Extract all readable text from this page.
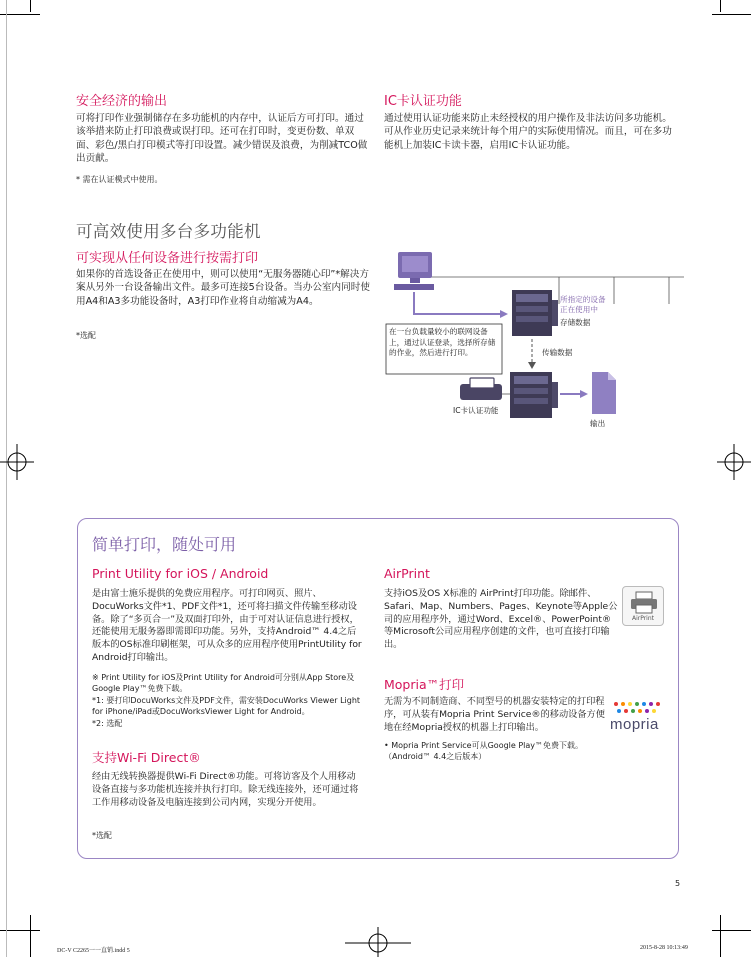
安全经济的输出
可将打印作业强制储存在多功能机的内存中，认证后方可打印。通过该举措来防止打印浪费或误打印。还可在打印时，变更份数、单双面、彩色/黑白打印模式等打印设置。减少错误及浪费，为削减TCO做出贡献。
* 需在认证模式中使用。
IC卡认证功能
通过使用认证功能来防止未经授权的用户操作及非法访问多功能机。可从作业历史记录来统计每个用户的实际使用情况。而且，可在多功能机上加装IC卡读卡器，启用IC卡认证功能。
可高效使用多台多功能机
可实现从任何设备进行按需打印
如果你的首选设备正在使用中，则可以使用“无服务器随心印”*解决方案从另外一台设备输出文件。最多可连接5台设备。当办公室内同时使用A4和A3多功能设备时，A3打印作业将自动缩减为A4。
*选配
所指定的设备
正在使用中
存储数据
在一台负载量较小的联网设备上，通过认证登录，选择所存储的作业，然后进行打印。	传输数据
IC卡认证功能
输出
简单打印，随处可用
Print Utility for iOS / Android
是由富士施乐提供的免费应用程序。可打印网页、照片、DocuWorks文件*1、PDF文件*1，还可将扫描文件传输至移动设备。除了“多页合一”及双面打印外，由于可对认证信息进行授权，还能使用无服务器即需即印功能。另外，支持Android™ 4.4之后版本的OS标准印刷框架，可从众多的应用程序使用PrintUtility for Android打印输出。
※ Print Utility for iOS及Print Utility for Android可分别从App Store及Google Play™免费下载。
*1: 要打印DocuWorks文件及PDF文件，需安装DocuWorks Viewer Light for iPhone/iPad或DocuWorksViewer Light for Android。
*2: 选配
支持Wi-Fi Direct®
经由无线转换器提供Wi-Fi Direct®功能。可将访客及个人用移动设备直接与多功能机连接并执行打印。除无线连接外，还可通过将工作用移动设备及电脑连接到公司内网，实现分开使用。
*选配
AirPrint
支持iOS及OS X标准的 AirPrint打印功能。除邮件、Safari、Map、Numbers、Pages、Keynote等Apple公司的应用程序外，通过Word、Excel®、PowerPoint®等Microsoft公司应用程序创建的文件，也可直接打印输出。
AirPrint
Mopria™打印
无需为不同制造商、不同型号的机器安装特定的打印程序，可从装有Mopria Print Service®的移动设备方便地在经Mopria授权的机器上打印输出。
• Mopria Print Service可从Google Play™免费下载。（Android™ 4.4之后版本）
mopria
5
DC-V C2265一一直销.indd 5	2015-8-28 10:13:49
